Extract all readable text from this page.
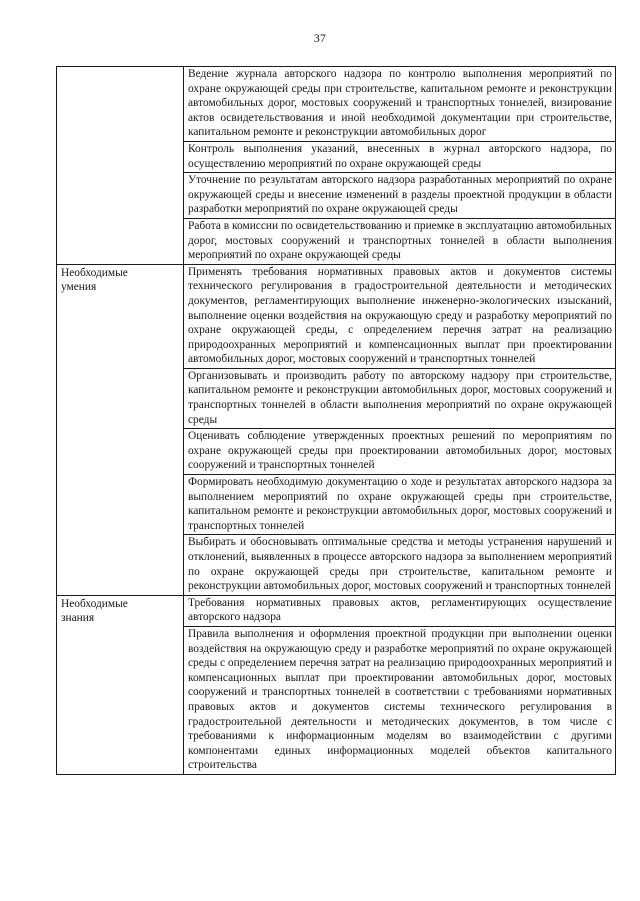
37
	Ведение журнала авторского надзора по контролю выполнения мероприятий по охране окружающей среды при строительстве, капитальном ремонте и реконструкции автомобильных дорог, мостовых сооружений и транспортных тоннелей, визирование актов освидетельствования и иной необходимой документации при строительстве, капитальном ремонте и реконструкции автомобильных дорог
	Контроль выполнения указаний, внесенных в журнал авторского надзора, по осуществлению мероприятий по охране окружающей среды
	Уточнение по результатам авторского надзора разработанных мероприятий по охране окружающей среды и внесение изменений в разделы проектной продукции в области разработки мероприятий по охране окружающей среды
	Работа в комиссии по освидетельствованию и приемке в эксплуатацию автомобильных дорог, мостовых сооружений и транспортных тоннелей в области выполнения мероприятий по охране окружающей среды

Необходимые
умения	Применять требования нормативных правовых актов и документов системы технического регулирования в градостроительной деятельности и методических документов, регламентирующих выполнение инженерно-экологических изысканий, выполнение оценки воздействия на окружающую среду и разработку мероприятий по охране окружающей среды, с определением перечня затрат на реализацию природоохранных мероприятий и компенсационных выплат при проектировании автомобильных дорог, мостовых сооружений и транспортных тоннелей
	Организовывать и производить работу по авторскому надзору при строительстве, капитальном ремонте и реконструкции автомобильных дорог, мостовых сооружений и транспортных тоннелей в области выполнения мероприятий по охране окружающей среды
	Оценивать соблюдение утвержденных проектных решений по мероприятиям по охране окружающей среды при проектировании автомобильных дорог, мостовых сооружений и транспортных тоннелей
	Формировать необходимую документацию о ходе и результатах авторского надзора за выполнением мероприятий по охране окружающей среды при строительстве, капитальном ремонте и реконструкции автомобильных дорог, мостовых сооружений и транспортных тоннелей
	Выбирать и обосновывать оптимальные средства и методы устранения нарушений и отклонений, выявленных в процессе авторского надзора за выполнением мероприятий по охране окружающей среды при строительстве, капитальном ремонте и реконструкции автомобильных дорог, мостовых сооружений и транспортных тоннелей

Необходимые
знания	Требования нормативных правовых актов, регламентирующих осуществление авторского надзора
	Правила выполнения и оформления проектной продукции при выполнении оценки воздействия на окружающую среду и разработке мероприятий по охране окружающей среды с определением перечня затрат на реализацию природоохранных мероприятий и компенсационных выплат при проектировании автомобильных дорог, мостовых сооружений и транспортных тоннелей в соответствии с требованиями нормативных правовых актов и документов системы технического регулирования в градостроительной деятельности и методических документов, в том числе с требованиями к информационным моделям во взаимодействии с другими компонентами единых информационных моделей объектов капитального строительства
